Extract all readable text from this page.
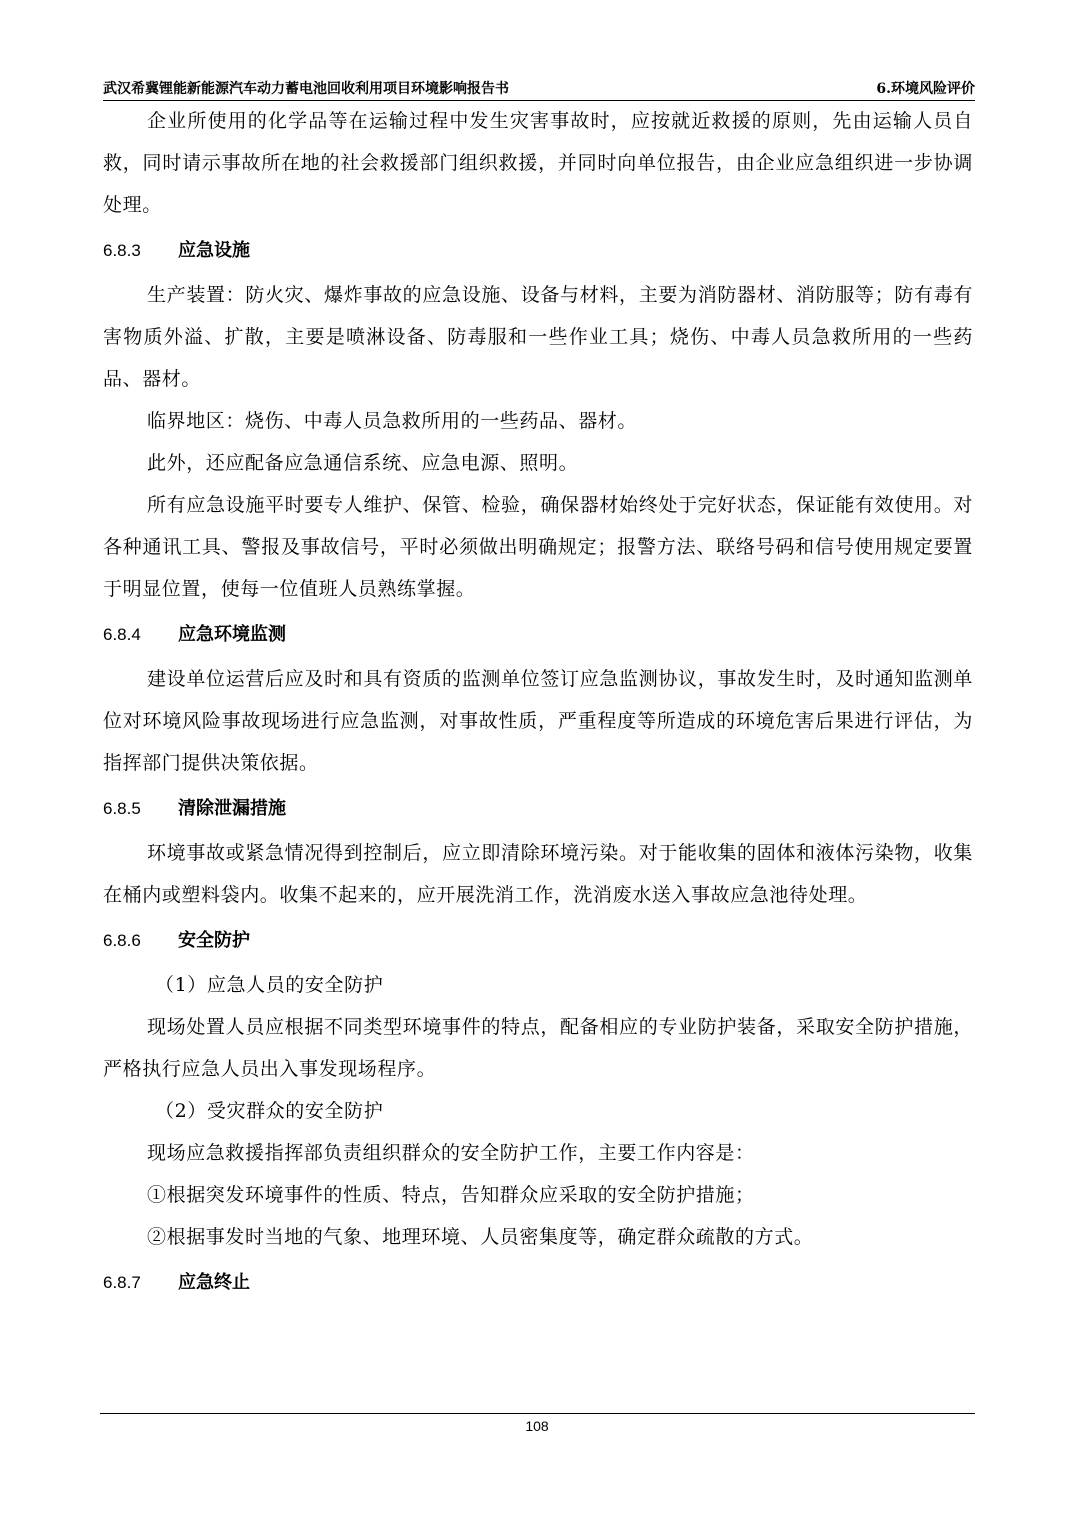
武汉希冀锂能新能源汽车动力蓄电池回收利用项目环境影响报告书	6.环境风险评价

企业所使用的化学品等在运输过程中发生灾害事故时，应按就近救援的原则，先由运输人员自救，同时请示事故所在地的社会救援部门组织救援，并同时向单位报告，由企业应急组织进一步协调处理。

6.8.3 应急设施

生产装置：防火灾、爆炸事故的应急设施、设备与材料，主要为消防器材、消防服等；防有毒有害物质外溢、扩散，主要是喷淋设备、防毒服和一些作业工具；烧伤、中毒人员急救所用的一些药品、器材。

临界地区：烧伤、中毒人员急救所用的一些药品、器材。

此外，还应配备应急通信系统、应急电源、照明。

所有应急设施平时要专人维护、保管、检验，确保器材始终处于完好状态，保证能有效使用。对各种通讯工具、警报及事故信号，平时必须做出明确规定；报警方法、联络号码和信号使用规定要置于明显位置，使每一位值班人员熟练掌握。

6.8.4 应急环境监测

建设单位运营后应及时和具有资质的监测单位签订应急监测协议，事故发生时，及时通知监测单位对环境风险事故现场进行应急监测，对事故性质，严重程度等所造成的环境危害后果进行评估，为指挥部门提供决策依据。

6.8.5 清除泄漏措施

环境事故或紧急情况得到控制后，应立即清除环境污染。对于能收集的固体和液体污染物，收集在桶内或塑料袋内。收集不起来的，应开展洗消工作，洗消废水送入事故应急池待处理。

6.8.6 安全防护

（1）应急人员的安全防护

现场处置人员应根据不同类型环境事件的特点，配备相应的专业防护装备，采取安全防护措施，严格执行应急人员出入事发现场程序。

（2）受灾群众的安全防护

现场应急救援指挥部负责组织群众的安全防护工作，主要工作内容是：

①根据突发环境事件的性质、特点，告知群众应采取的安全防护措施；

②根据事发时当地的气象、地理环境、人员密集度等，确定群众疏散的方式。

6.8.7 应急终止
108
